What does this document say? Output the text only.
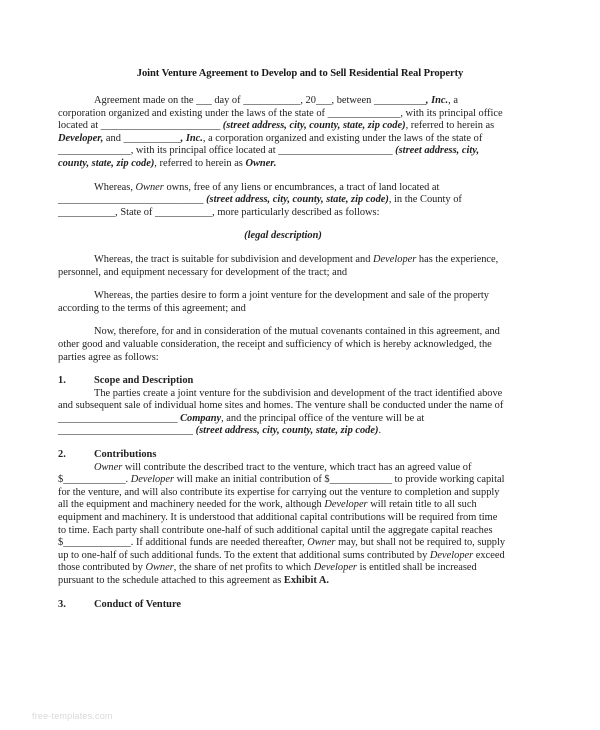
Joint Venture Agreement to Develop and to Sell Residential Real Property

Agreement made on the ___ day of ___________, 20___, between __________, Inc., a corporation organized and existing under the laws of the state of ______________, with its principal office located at _______________________ (street address, city, county, state, zip code), referred to herein as Developer, and ___________, Inc., a corporation organized and existing under the laws of the state of ______________, with its principal office located at ______________________ (street address, city, county, state, zip code), referred to herein as Owner.

Whereas, Owner owns, free of any liens or encumbrances, a tract of land located at ____________________________ (street address, city, county, state, zip code), in the County of ___________, State of ___________, more particularly described as follows:

(legal description)

Whereas, the tract is suitable for subdivision and development and Developer has the experience, personnel, and equipment necessary for development of the tract; and

Whereas, the parties desire to form a joint venture for the development and sale of the property according to the terms of this agreement; and

Now, therefore, for and in consideration of the mutual covenants contained in this agreement, and other good and valuable consideration, the receipt and sufficiency of which is hereby acknowledged, the parties agree as follows:

1.	Scope and Description

The parties create a joint venture for the subdivision and development of the tract identified above and subsequent sale of individual home sites and homes. The venture shall be conducted under the name of _______________________ Company, and the principal office of the venture will be at __________________________ (street address, city, county, state, zip code).

2.	Contributions

Owner will contribute the described tract to the venture, which tract has an agreed value of $____________. Developer will make an initial contribution of $____________ to provide working capital for the venture, and will also contribute its expertise for carrying out the venture to completion and supply all the equipment and machinery needed for the work, although Developer will retain title to all such equipment and machinery. It is understood that additional capital contributions will be required from time to time. Each party shall contribute one-half of such additional capital until the aggregate capital reaches $_____________. If additional funds are needed thereafter, Owner may, but shall not be required to, supply up to one-half of such additional funds. To the extent that additional sums contributed by Developer exceed those contributed by Owner, the share of net profits to which Developer is entitled shall be increased pursuant to the schedule attached to this agreement as Exhibit A.

3.	Conduct of Venture

free-templates.com
